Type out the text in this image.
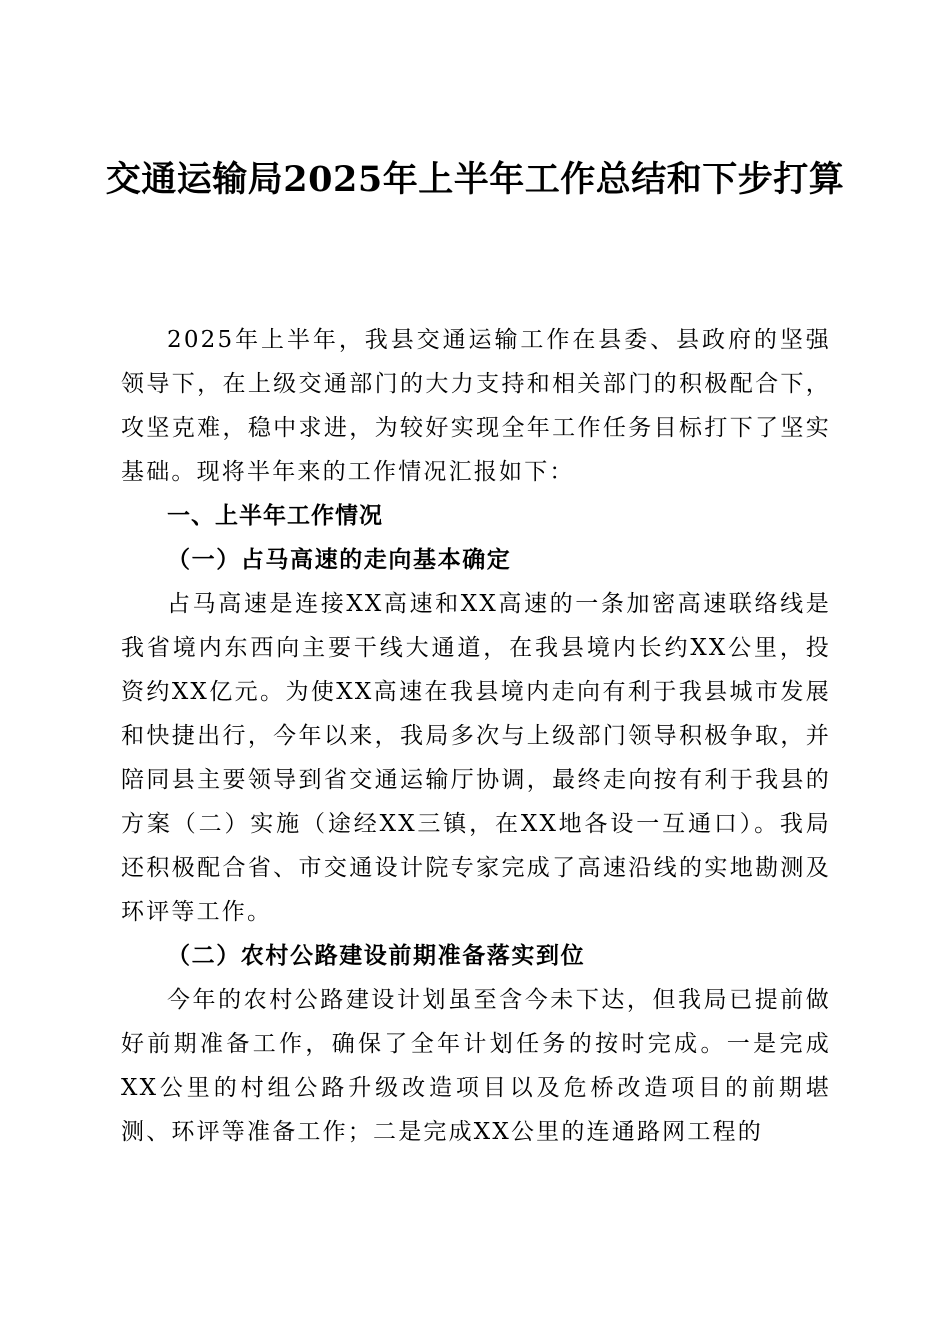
交通运输局2025年上半年工作总结和下步打算

2025年上半年，我县交通运输工作在县委、县政府的坚强领导下，在上级交通部门的大力支持和相关部门的积极配合下，攻坚克难，稳中求进，为较好实现全年工作任务目标打下了坚实基础。现将半年来的工作情况汇报如下：

一、上半年工作情况

（一）占马高速的走向基本确定

占马高速是连接XX高速和XX高速的一条加密高速联络线是我省境内东西向主要干线大通道，在我县境内长约XX公里，投资约XX亿元。为使XX高速在我县境内走向有利于我县城市发展和快捷出行，今年以来，我局多次与上级部门领导积极争取，并陪同县主要领导到省交通运输厅协调，最终走向按有利于我县的方案（二）实施（途经XX三镇，在XX地各设一互通口）。我局还积极配合省、市交通设计院专家完成了高速沿线的实地勘测及环评等工作。

（二）农村公路建设前期准备落实到位

今年的农村公路建设计划虽至含今未下达，但我局已提前做好前期准备工作，确保了全年计划任务的按时完成。一是完成XX公里的村组公路升级改造项目以及危桥改造项目的前期堪测、环评等准备工作；二是完成XX公里的连通路网工程的
